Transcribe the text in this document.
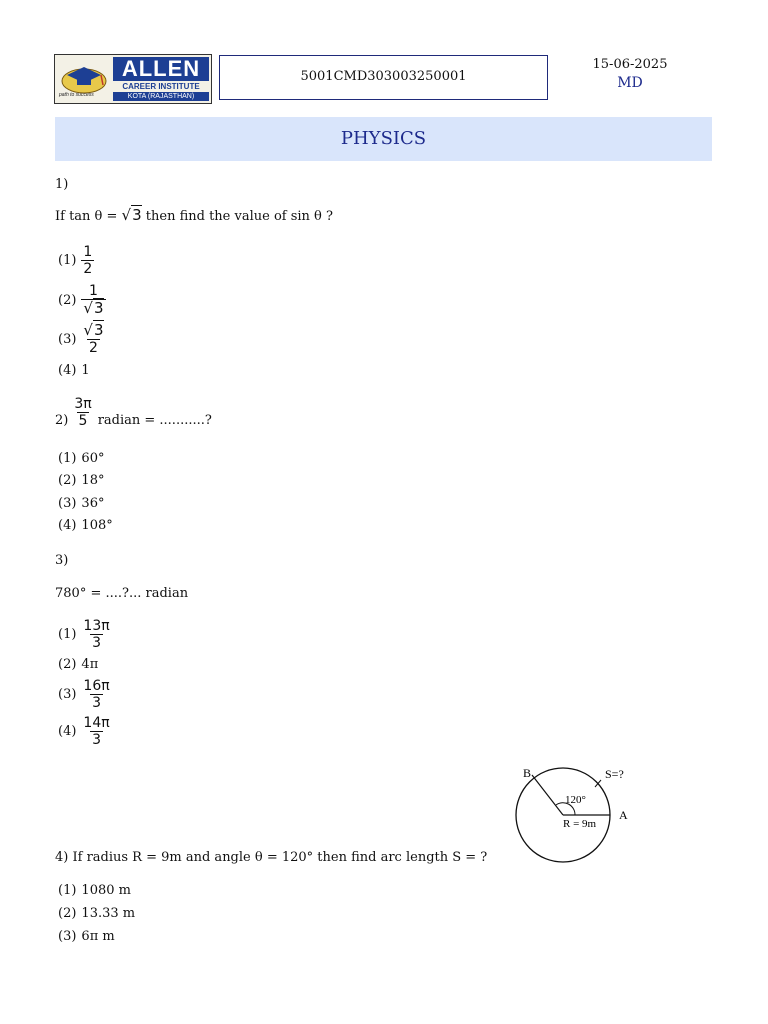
path to success
ALLEN
CAREER INSTITUTE
KOTA (RAJASTHAN)
5001CMD303003250001
15-06-2025
MD
PHYSICS
1)
If tan θ = √3 then find the value of sin θ ?
$(1) \frac{1}{2}$
$(2) \frac{1}{√3}$
$(3) \frac{√3}{2}$
(4) 1
$2) \frac{3\pi}{5}$ radian = ...........?
(1) 60°
(2) 18°
(3) 36°
(4) 108°
3)
780° = ....?... radian
$(1) \frac{13\pi}{3}$
(2) 4π
$(3) \frac{16\pi}{3}$
$(4) \frac{14\pi}{3}$
B
A
S=?
120°
R = 9m
4) If radius R = 9m and angle θ = 120° then find arc length S = ?
(1) 1080 m
(2) 13.33 m
(3) 6π m
